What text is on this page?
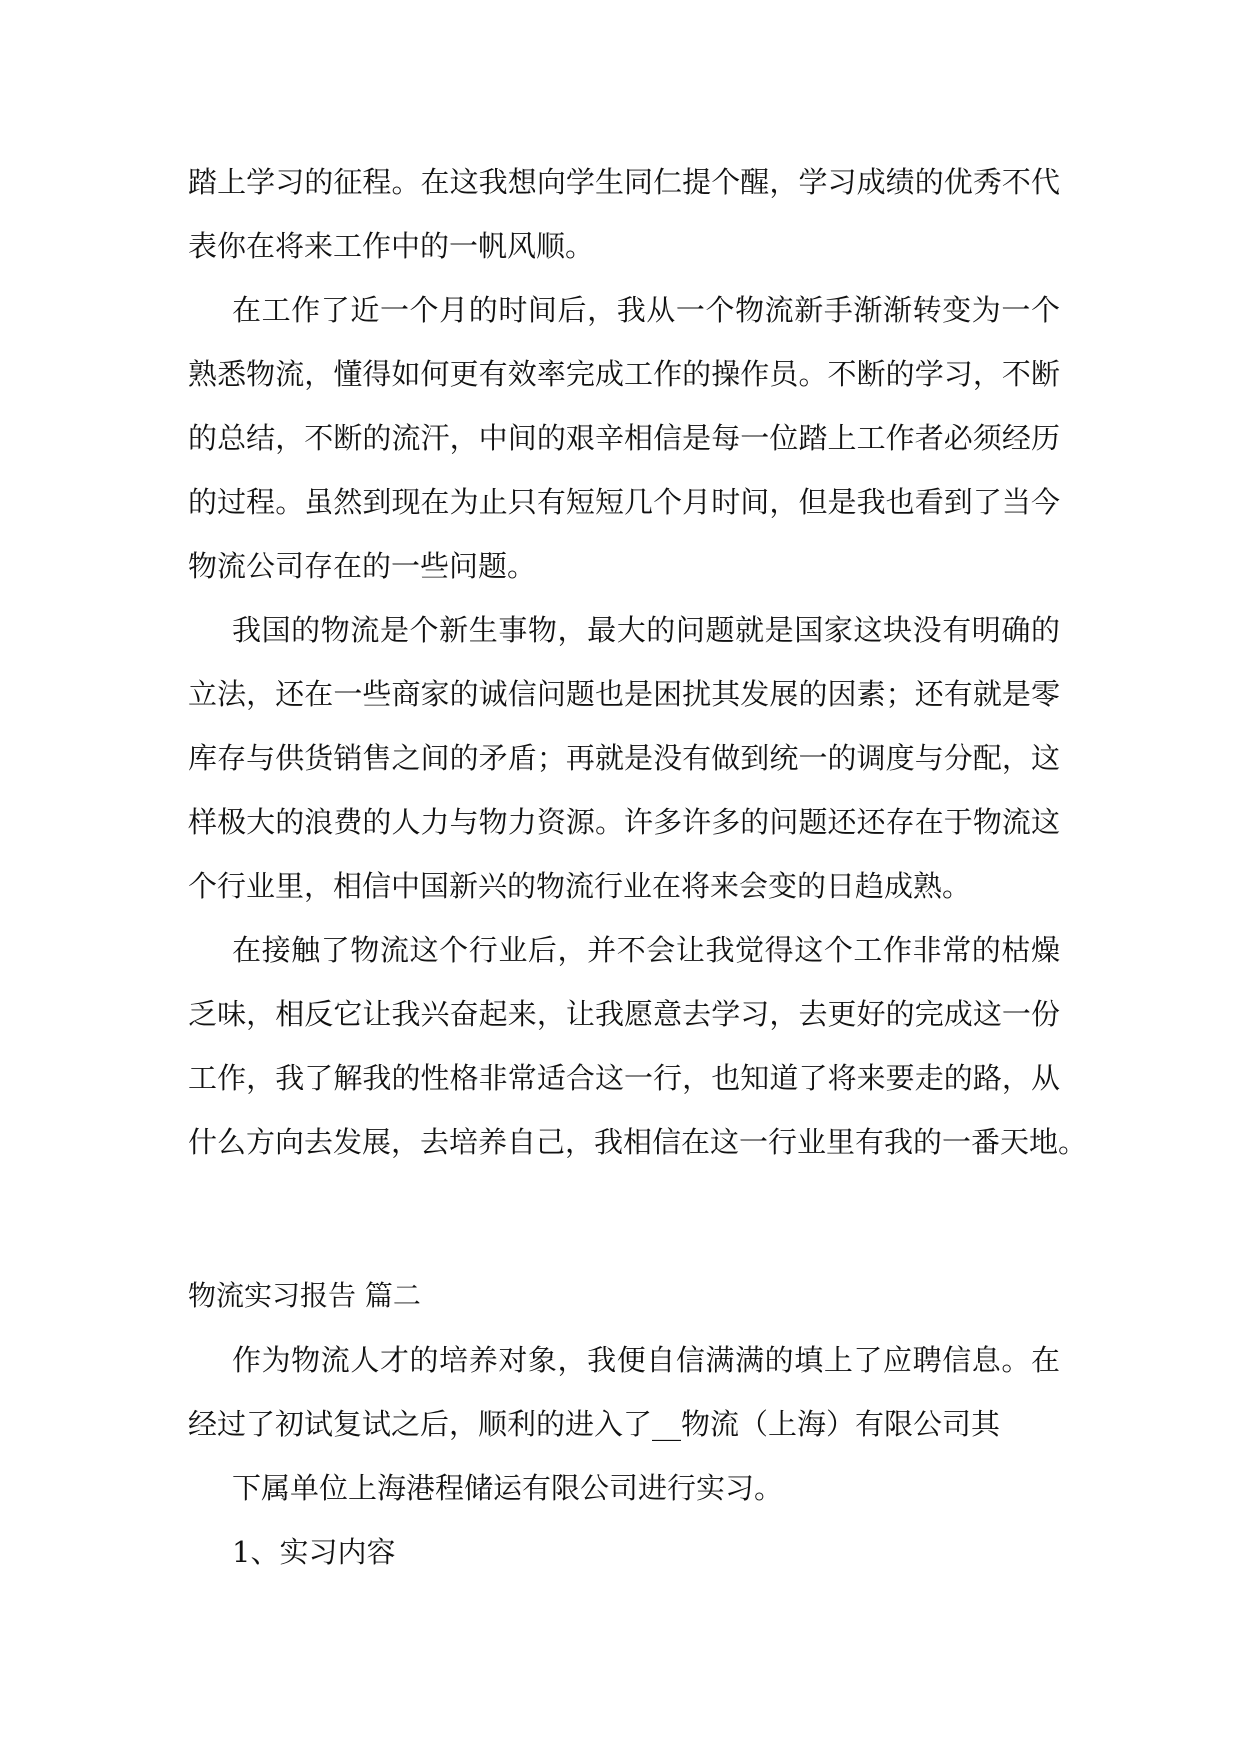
踏上学习的征程。在这我想向学生同仁提个醒，学习成绩的优秀不代
表你在将来工作中的一帆风顺。
在工作了近一个月的时间后，我从一个物流新手渐渐转变为一个
熟悉物流，懂得如何更有效率完成工作的操作员。不断的学习，不断
的总结，不断的流汗，中间的艰辛相信是每一位踏上工作者必须经历
的过程。虽然到现在为止只有短短几个月时间，但是我也看到了当今
物流公司存在的一些问题。
我国的物流是个新生事物，最大的问题就是国家这块没有明确的
立法，还在一些商家的诚信问题也是困扰其发展的因素；还有就是零
库存与供货销售之间的矛盾；再就是没有做到统一的调度与分配，这
样极大的浪费的人力与物力资源。许多许多的问题还还存在于物流这
个行业里，相信中国新兴的物流行业在将来会变的日趋成熟。
在接触了物流这个行业后，并不会让我觉得这个工作非常的枯燥
乏味，相反它让我兴奋起来，让我愿意去学习，去更好的完成这一份
工作，我了解我的性格非常适合这一行，也知道了将来要走的路，从
什么方向去发展，去培养自己，我相信在这一行业里有我的一番天地。
物流实习报告 篇二
作为物流人才的培养对象，我便自信满满的填上了应聘信息。在
经过了初试复试之后，顺利的进入了__物流（上海）有限公司其
下属单位上海港程储运有限公司进行实习。
1、实习内容
